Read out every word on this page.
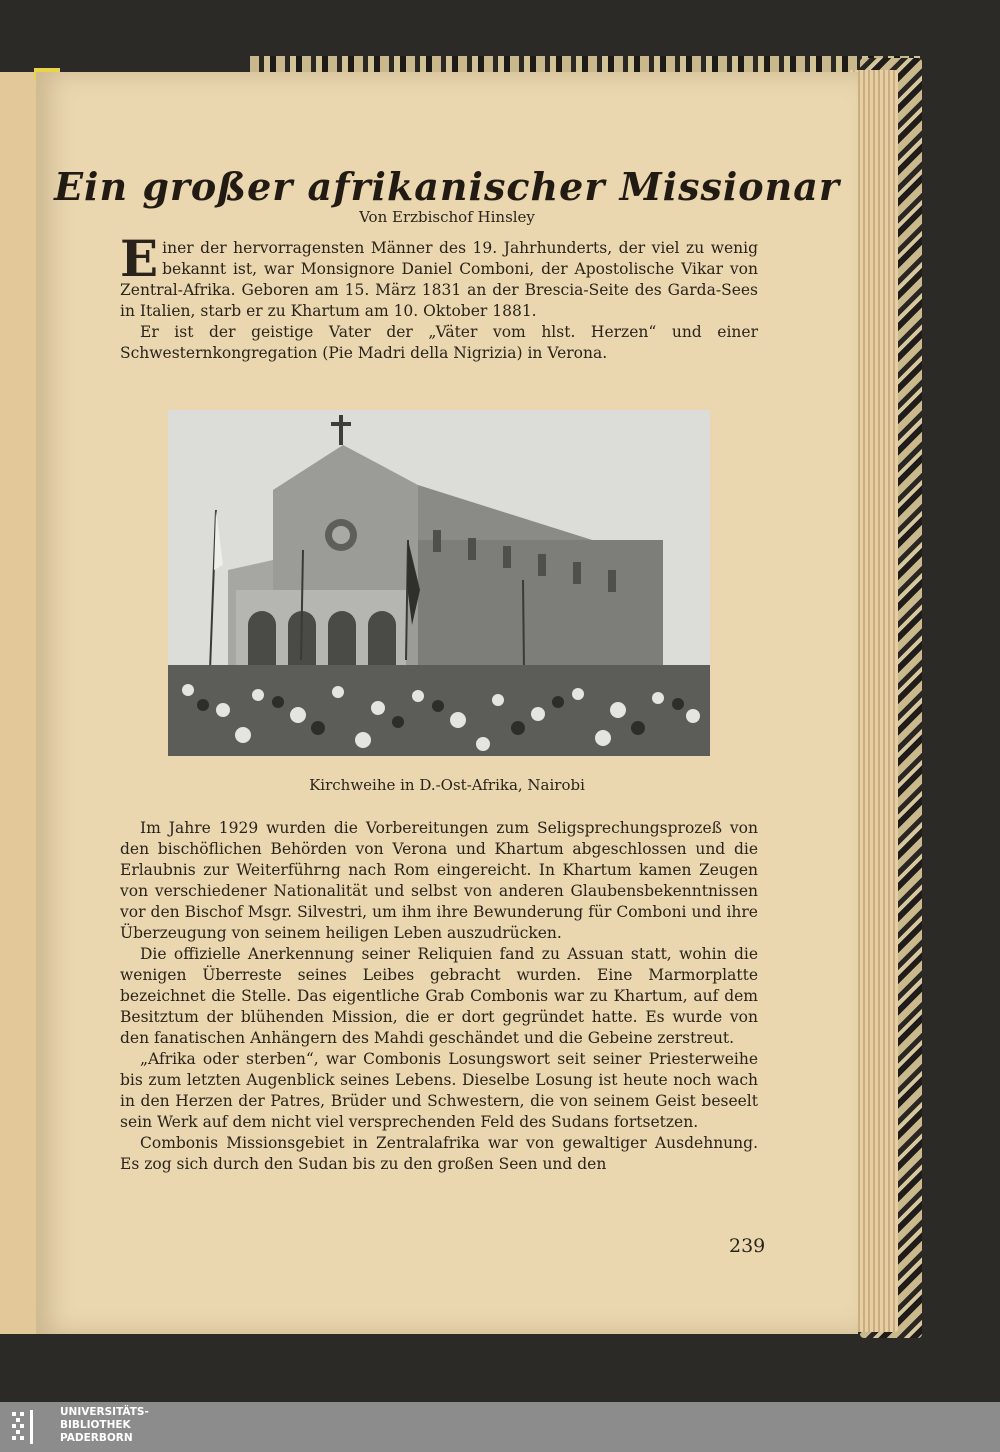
Ein großer afrikanischer Missionar
Von Erzbischof Hinsley

Einer der hervorragensten Männer des 19. Jahrhunderts, der viel zu wenig bekannt ist, war Monsignore Daniel Comboni, der Apostolische Vikar von Zentral-Afrika. Geboren am 15. März 1831 an der Brescia-Seite des Garda-Sees in Italien, starb er zu Khartum am 10. Oktober 1881.

Er ist der geistige Vater der „Väter vom hlst. Herzen“ und einer Schwesternkongregation (Pie Madri della Nigrizia) in Verona.

Kirchweihe in D.-Ost-Afrika, Nairobi

Im Jahre 1929 wurden die Vorbereitungen zum Seligsprechungsprozeß von den bischöflichen Behörden von Verona und Khartum abgeschlossen und die Erlaubnis zur Weiterführng nach Rom eingereicht. In Khartum kamen Zeugen von verschiedener Nationalität und selbst von anderen Glaubensbekenntnissen vor den Bischof Msgr. Silvestri, um ihm ihre Bewunderung für Comboni und ihre Überzeugung von seinem heiligen Leben auszudrücken.

Die offizielle Anerkennung seiner Reliquien fand zu Assuan statt, wohin die wenigen Überreste seines Leibes gebracht wurden. Eine Marmorplatte bezeichnet die Stelle. Das eigentliche Grab Combonis war zu Khartum, auf dem Besitztum der blühenden Mission, die er dort gegründet hatte. Es wurde von den fanatischen Anhängern des Mahdi geschändet und die Gebeine zerstreut.

„Afrika oder sterben“, war Combonis Losungswort seit seiner Priesterweihe bis zum letzten Augenblick seines Lebens. Dieselbe Losung ist heute noch wach in den Herzen der Patres, Brüder und Schwestern, die von seinem Geist beseelt sein Werk auf dem nicht viel versprechenden Feld des Sudans fortsetzen.

Combonis Missionsgebiet in Zentralafrika war von gewaltiger Ausdehnung. Es zog sich durch den Sudan bis zu den großen Seen und den

239
UNIVERSITÄTS-
BIBLIOTHEK
PADERBORN
